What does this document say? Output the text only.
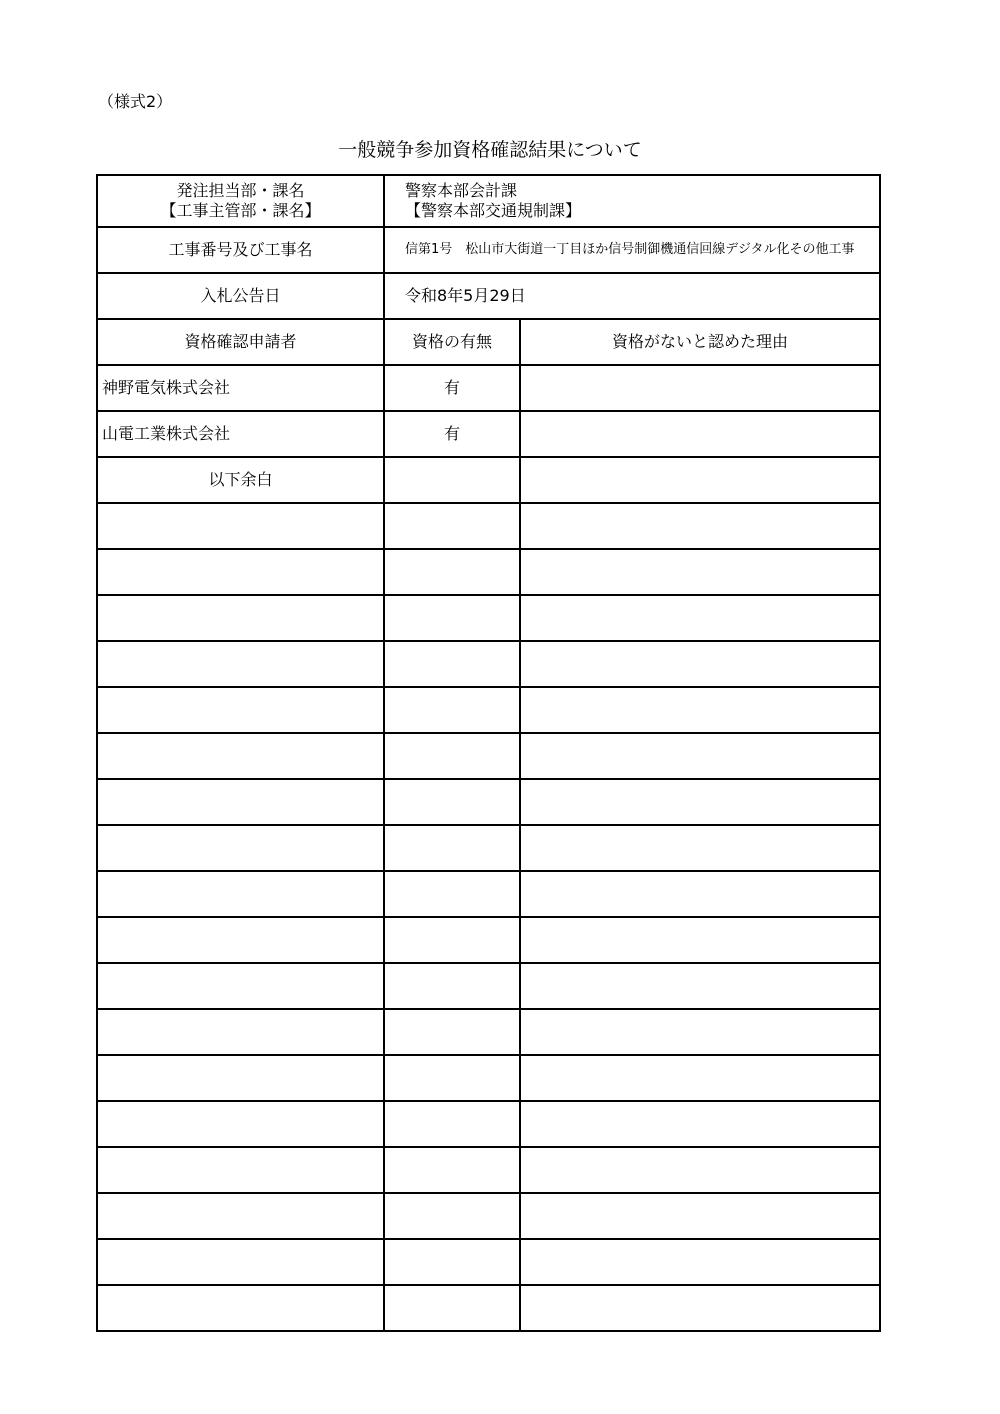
（様式2）
一般競争参加資格確認結果について
発注担当部・課名
【工事主管部・課名】	警察本部会計課
【警察本部交通規制課】	

工事番号及び工事名	信第1号　松山市大街道一丁目ほか信号制御機通信回線デジタル化その他工事	
入札公告日	令和8年5月29日	
資格確認申請者	資格の有無	資格がないと認めた理由
神野電気株式会社	有	
山電工業株式会社	有	
以下余白		
